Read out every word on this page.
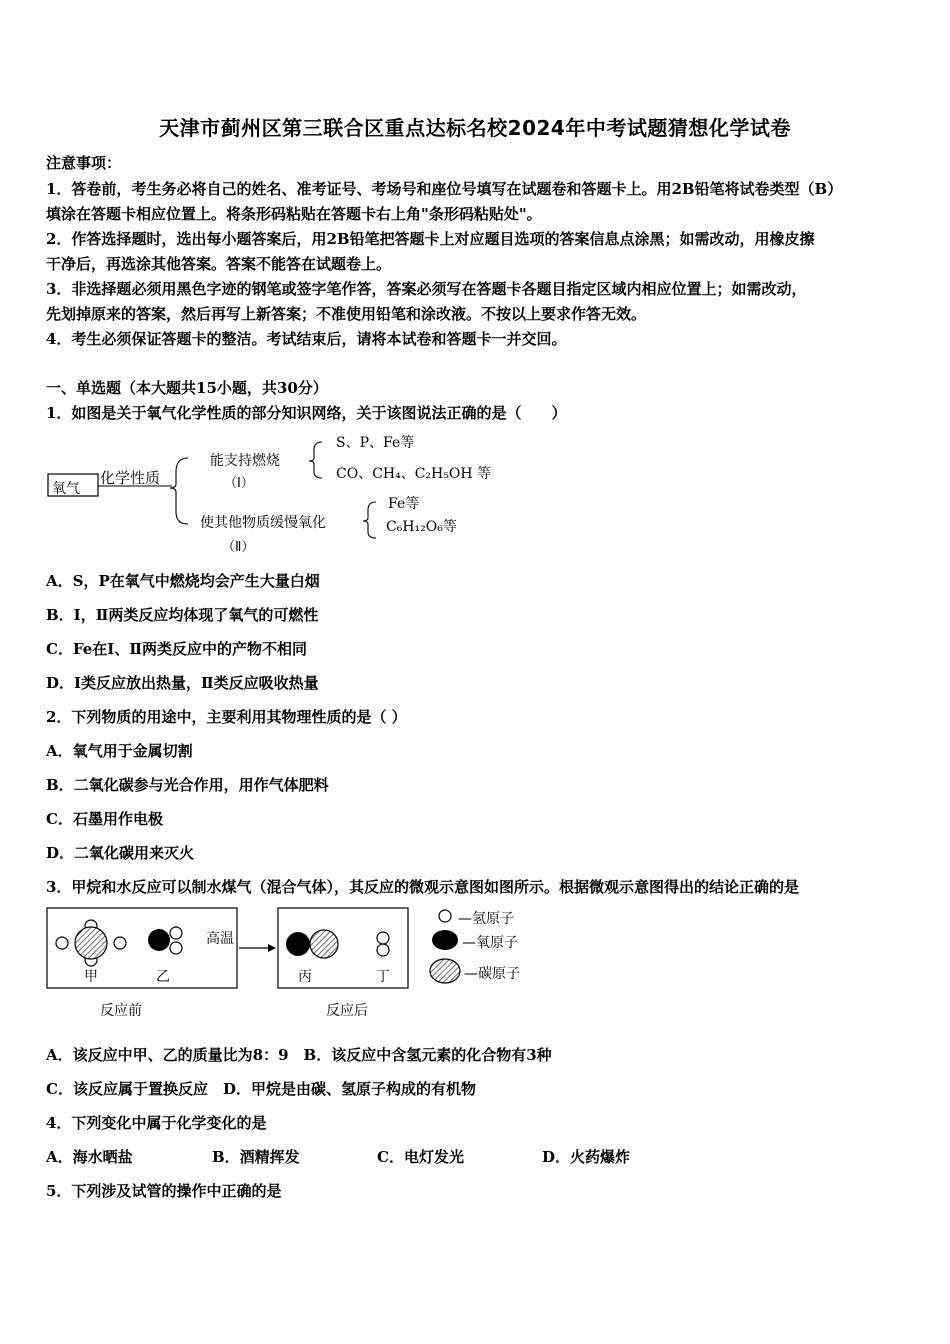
天津市蓟州区第三联合区重点达标名校2024年中考试题猜想化学试卷
注意事项：
1．答卷前，考生务必将自己的姓名、准考证号、考场号和座位号填写在试题卷和答题卡上。用2B铅笔将试卷类型（B）
填涂在答题卡相应位置上。将条形码粘贴在答题卡右上角"条形码粘贴处"。
2．作答选择题时，选出每小题答案后，用2B铅笔把答题卡上对应题目选项的答案信息点涂黑；如需改动，用橡皮擦
干净后，再选涂其他答案。答案不能答在试题卷上。
3．非选择题必须用黑色字迹的钢笔或签字笔作答，答案必须写在答题卡各题目指定区域内相应位置上；如需改动，
先划掉原来的答案，然后再写上新答案；不准使用铅笔和涂改液。不按以上要求作答无效。
4．考生必须保证答题卡的整洁。考试结束后，请将本试卷和答题卡一并交回。
一、单选题（本大题共15小题，共30分）
1．如图是关于氧气化学性质的部分知识网络，关于该图说法正确的是（　　）
氧气
化学性质
能支持燃烧
（Ⅰ）
使其他物质缓慢氧化
（Ⅱ）
S、P、Fe等
CO、CH₄、C₂H₅OH 等
Fe等
C₆H₁₂O₆等
A．S，P在氧气中燃烧均会产生大量白烟
B．Ⅰ，Ⅱ两类反应均体现了氧气的可燃性
C．Fe在Ⅰ、Ⅱ两类反应中的产物不相同
D．Ⅰ类反应放出热量，Ⅱ类反应吸收热量
2．下列物质的用途中，主要利用其物理性质的是（ ）
A．氧气用于金属切割
B．二氧化碳参与光合作用，用作气体肥料
C．石墨用作电极
D．二氧化碳用来灭火
3．甲烷和水反应可以制水煤气（混合气体），其反应的微观示意图如图所示。根据微观示意图得出的结论正确的是
甲	乙
高温
丙	丁
反应前	反应后
—氢原子
—氧原子
—碳原子
A．该反应中甲、乙的质量比为8：9　B．该反应中含氢元素的化合物有3种
C．该反应属于置换反应　D．甲烷是由碳、氢原子构成的有机物
4．下列变化中属于化学变化的是
A．海水晒盐	B．酒精挥发	C．电灯发光	D．火药爆炸
5．下列涉及试管的操作中正确的是
